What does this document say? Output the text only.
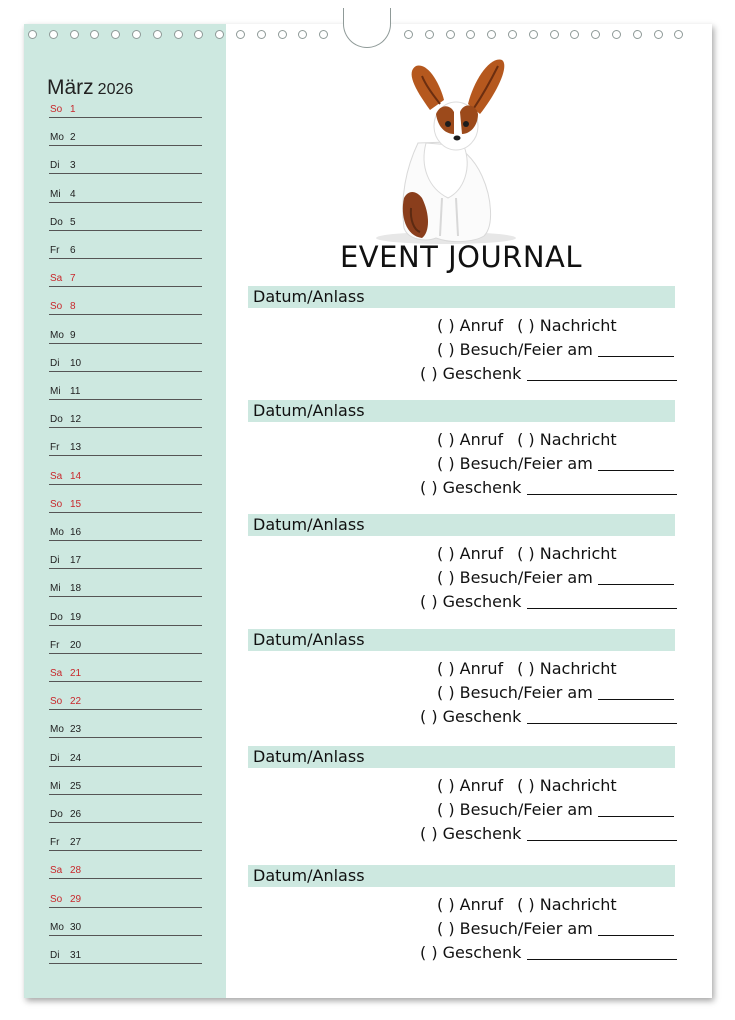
März 2026
So 1
Mo 2
Di 3
Mi 4
Do 5
Fr 6
Sa 7
So 8
Mo 9
Di 10
Mi 11
Do 12
Fr 13
Sa 14
So 15
Mo 16
Di 17
Mi 18
Do 19
Fr 20
Sa 21
So 22
Mo 23
Di 24
Mi 25
Do 26
Fr 27
Sa 28
So 29
Mo 30
Di 31
EVENT JOURNAL
Datum/Anlass
( ) Anruf ( ) Nachricht
( ) Besuch/Feier am
( ) Geschenk
Datum/Anlass
( ) Anruf ( ) Nachricht
( ) Besuch/Feier am
( ) Geschenk
Datum/Anlass
( ) Anruf ( ) Nachricht
( ) Besuch/Feier am
( ) Geschenk
Datum/Anlass
( ) Anruf ( ) Nachricht
( ) Besuch/Feier am
( ) Geschenk
Datum/Anlass
( ) Anruf ( ) Nachricht
( ) Besuch/Feier am
( ) Geschenk
Datum/Anlass
( ) Anruf ( ) Nachricht
( ) Besuch/Feier am
( ) Geschenk
